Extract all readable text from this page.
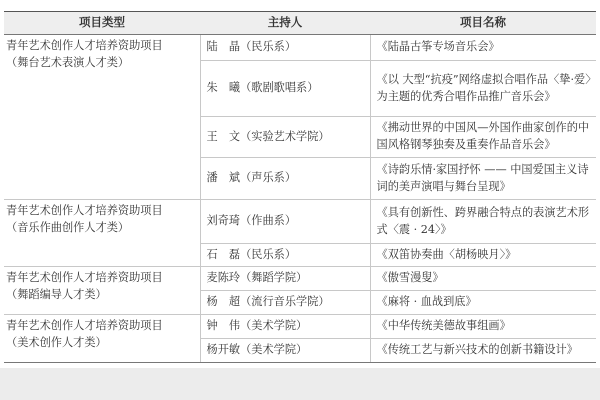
项目类型	主持人	项目名称

青年艺术创作人才培养资助项目
（舞台艺术表演人才类）	陆　晶（民乐系）	《陆晶古筝专场音乐会》
	朱　曦（歌剧歌唱系）	《以 大型“抗疫”网络虚拟合唱作品〈挚·爱〉为主题的优秀合唱作品推广音乐会》
	王　文（实验艺术学院）	《拂动世界的中国风—外国作曲家创作的中国风格钢琴独奏及重奏作品音乐会》
	潘　斌（声乐系）	《诗韵乐情·家国抒怀 —— 中国爱国主义诗词的美声演唱与舞台呈现》

青年艺术创作人才培养资助项目
（音乐作曲创作人才类）	刘奇琦（作曲系）	《具有创新性、跨界融合特点的表演艺术形式〈震 · 24〉》
	石　磊（民乐系）	《双笛协奏曲〈胡杨映月〉》

青年艺术创作人才培养资助项目
（舞蹈编导人才类）	麦陈玲（舞蹈学院）	《傲雪漫叟》
	杨　超（流行音乐学院）	《麻将 · 血战到底》

青年艺术创作人才培养资助项目
（美术创作人才类）	钟　伟（美术学院）	《中华传统美德故事组画》
	杨开敏（美术学院）	《传统工艺与新兴技术的创新书籍设计》
